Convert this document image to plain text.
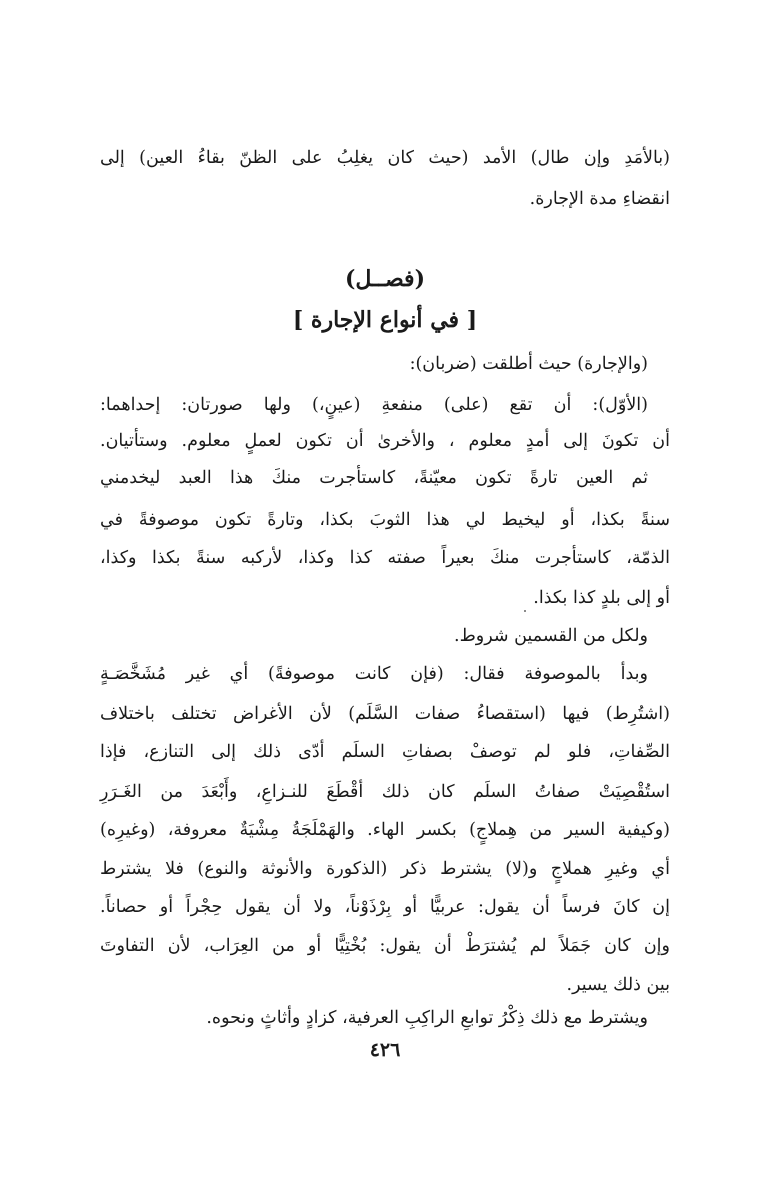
(بالأمَدِ وإن طال) الأمد (حيث كان يغلِبُ على الظنّ بقاءُ العين) إلى
انقضاءِ مدة الإجارة.
(فصــل)
[ في أنواع الإجارة ]
(والإجارة) حيث أطلقت (ضربان):
(الأوّل): أن تقع (على) منفعةِ (عينٍ،) ولها صورتان: إحداهما:
أن تكونَ إلى أمدٍ معلوم ، والأخرىٰ أن تكون لعملٍ معلوم. وستأتيان.
ثم العين تارةً تكون معيّنةً، كاستأجرت منكَ هذا العبد ليخدمني
سنةً بكذا، أو ليخيط لي هذا الثوبَ بكذا، وتارةً تكون موصوفةً في
الذمّة، كاستأجرت منكَ بعيراً صفته كذا وكذا، لأركبه سنةً بكذا وكذا،
أو إلى بلدٍ كذا بكذا.
ولكل من القسمين شروط.
وبدأ بالموصوفة فقال: (فإن كانت موصوفةً) أي غير مُشَخَّصَـةٍ
(اشتُرِط) فيها (استقصاءُ صفات السَّلَم) لأن الأغراض تختلف باختلاف
الصِّفاتِ، فلو لم توصفْ بصفاتِ السلَم أدّى ذلك إلى التنازع، فإذا
استُقْصِيَتْ صفاتُ السلَم كان ذلك أقْطَعَ للنـزاعِ، وأَبْعَدَ من الغَـرَرِ
(وكيفية السير من هِملاجٍ) بكسر الهاء. والهَمْلَجَةُ مِشْيَةٌ معروفة، (وغيرِه)
أي وغيرِ هملاجٍ و(لا) يشترط ذكر (الذكورة والأنوثة والنوع) فلا يشترط
إن كانَ فرساً أن يقول: عربيًّا أو بِرْذَوْناً، ولا أن يقول حِجْراً أو حصاناً.
وإن كان جَمَلاً لم يُشترَطْ أن يقول: بُخْتِيًّا أو من العِرَاب، لأن التفاوتَ
بين ذلك يسير.
ويشترط مع ذلك ذِكْرُ توابعِ الراكِبِ العرفية، كزادٍ وأثاثٍ ونحوه.
٤٢٦
